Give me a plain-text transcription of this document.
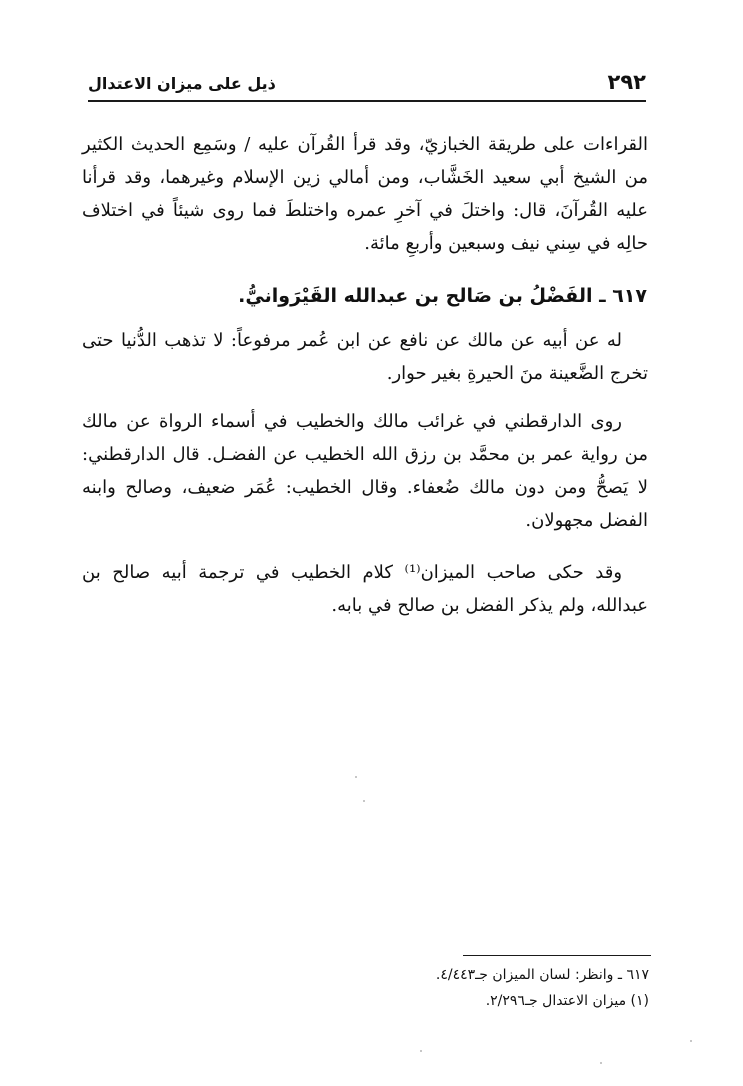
٢٩٢
ذيل على ميزان الاعتدال

القراءات على طريقة الخبازيّ، وقد قرأ القُرآن عليه / وسَمِع الحديث الكثير من الشيخ أبي سعيد الخَشَّاب، ومن أمالي زين الإسلام وغيرهما، وقد قرأنا عليه القُرآنَ، قال: واختلَ في آخرِ عمره واختلطَ فما روى شيئاً في اختلاف حالِه في سِني نيف وسبعين وأربعِ مائة.

٦١٧ ـ الفَضْلُ بن صَالح بن عبدالله القَيْرَوانيُّ.

له عن أبيه عن مالك عن نافع عن ابن عُمر مرفوعاً: لا تذهب الدُّنيا حتى تخرج الضَّعينة منَ الحيرةِ بغير حوار.

روى الدارقطني في غرائب مالك والخطيب في أسماء الرواة عن مالك من رواية عمر بن محمَّد بن رزق الله الخطيب عن الفضـل. قال الدارقطني: لا يَصحُّ ومن دون مالك ضُعفاء. وقال الخطيب: عُمَر ضعيف، وصالح وابنه الفضل مجهولان.

وقد حكى صاحب الميزان⁽¹⁾ كلام الخطيب في ترجمة أبيه صالح بن عبدالله، ولم يذكر الفضل بن صالح في بابه.

٦١٧ ـ وانظر: لسان الميزان جـ٤/٤٤٣.
(١) ميزان الاعتدال جـ٢/٢٩٦.
